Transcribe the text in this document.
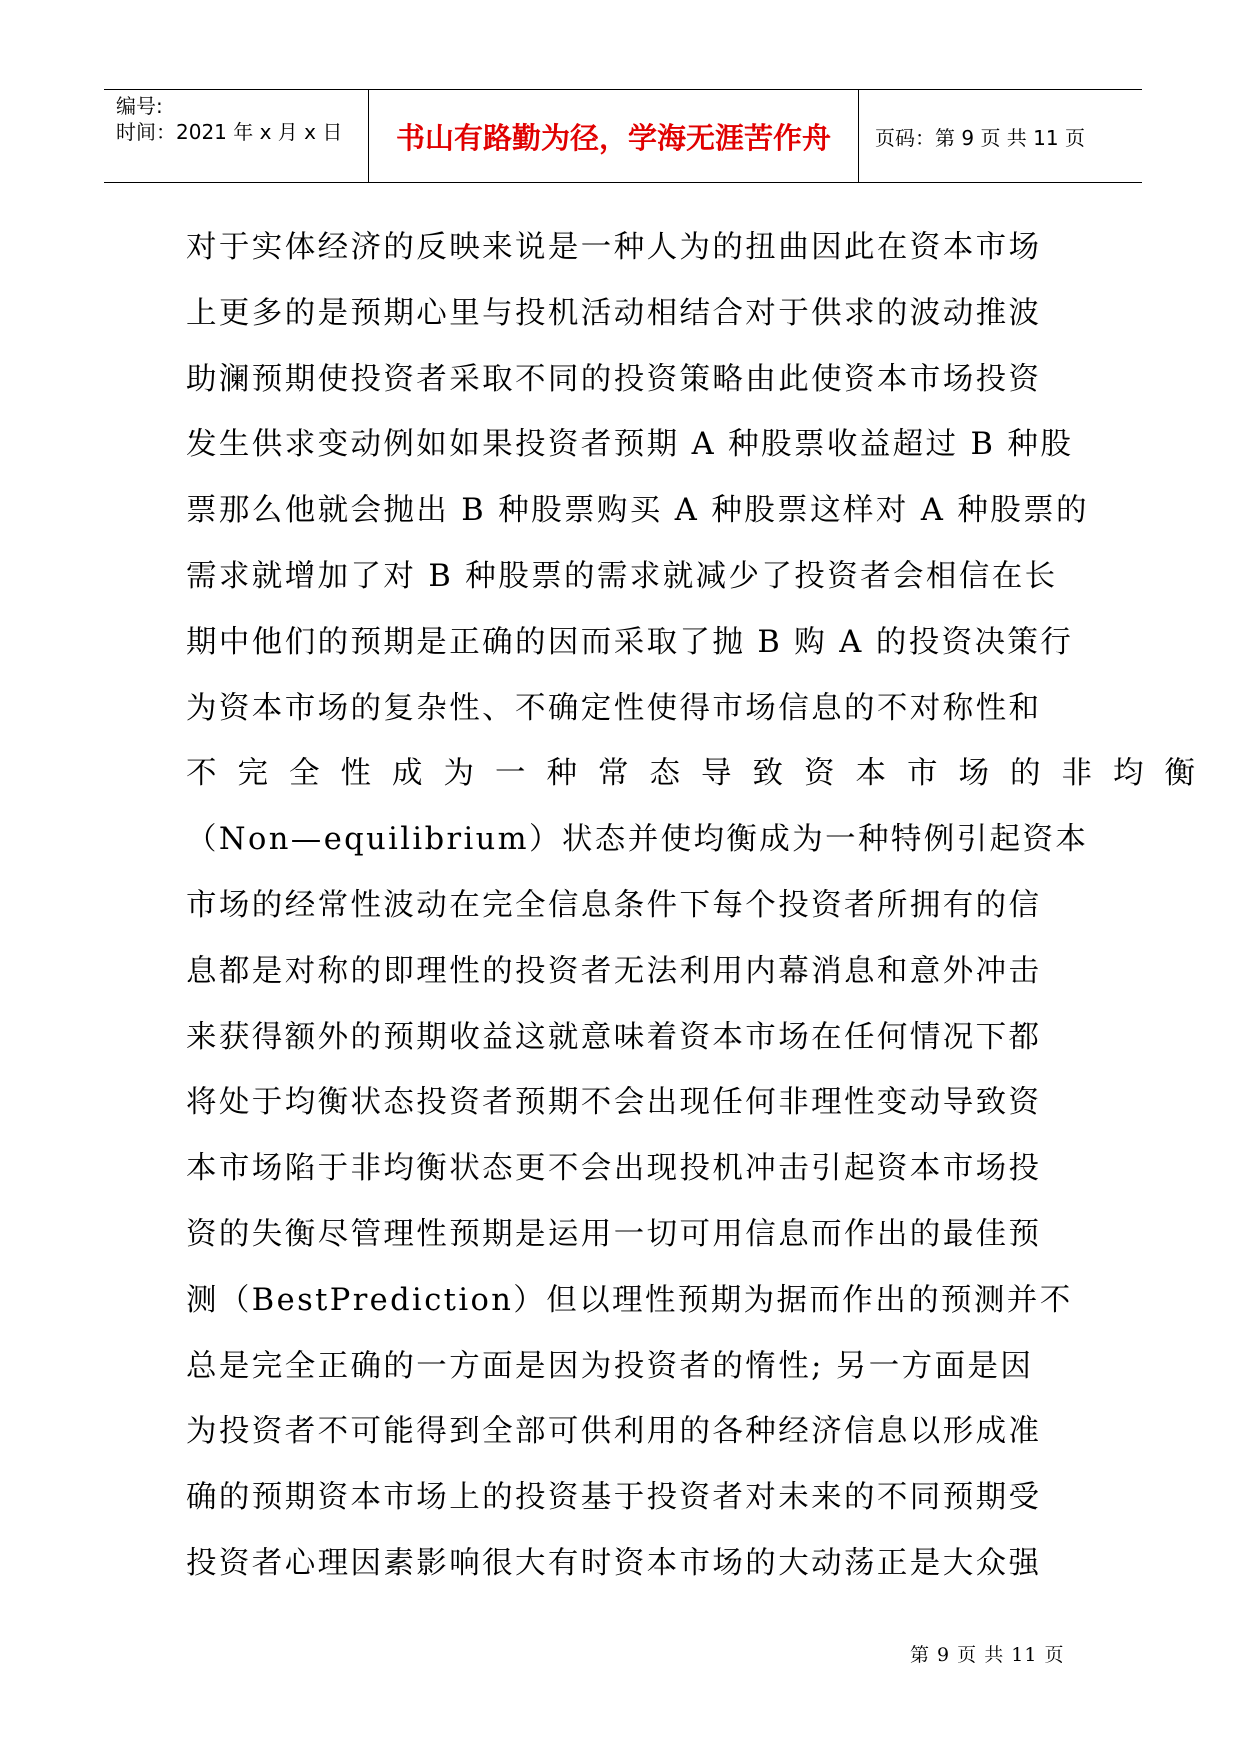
编号:
时间：2021 年 x 月 x 日 书山有路勤为径，学海无涯苦作舟 页码：第 9 页 共 11 页
对于实体经济的反映来说是一种人为的扭曲因此在资本市场
上更多的是预期心里与投机活动相结合对于供求的波动推波
助澜预期使投资者采取不同的投资策略由此使资本市场投资
发生供求变动例如如果投资者预期 A 种股票收益超过 B 种股
票那么他就会抛出 B 种股票购买 A 种股票这样对 A 种股票的
需求就增加了对 B 种股票的需求就减少了投资者会相信在长
期中他们的预期是正确的因而采取了抛 B 购 A 的投资决策行
为资本市场的复杂性、不确定性使得市场信息的不对称性和
不完全性成为一种常态导致资本市场的非均衡
（Non—equilibrium）状态并使均衡成为一种特例引起资本
市场的经常性波动在完全信息条件下每个投资者所拥有的信
息都是对称的即理性的投资者无法利用内幕消息和意外冲击
来获得额外的预期收益这就意味着资本市场在任何情况下都
将处于均衡状态投资者预期不会出现任何非理性变动导致资
本市场陷于非均衡状态更不会出现投机冲击引起资本市场投
资的失衡尽管理性预期是运用一切可用信息而作出的最佳预
测（BestPrediction）但以理性预期为据而作出的预测并不
总是完全正确的一方面是因为投资者的惰性; 另一方面是因
为投资者不可能得到全部可供利用的各种经济信息以形成准
确的预期资本市场上的投资基于投资者对未来的不同预期受
投资者心理因素影响很大有时资本市场的大动荡正是大众强
第 9 页 共 11 页
